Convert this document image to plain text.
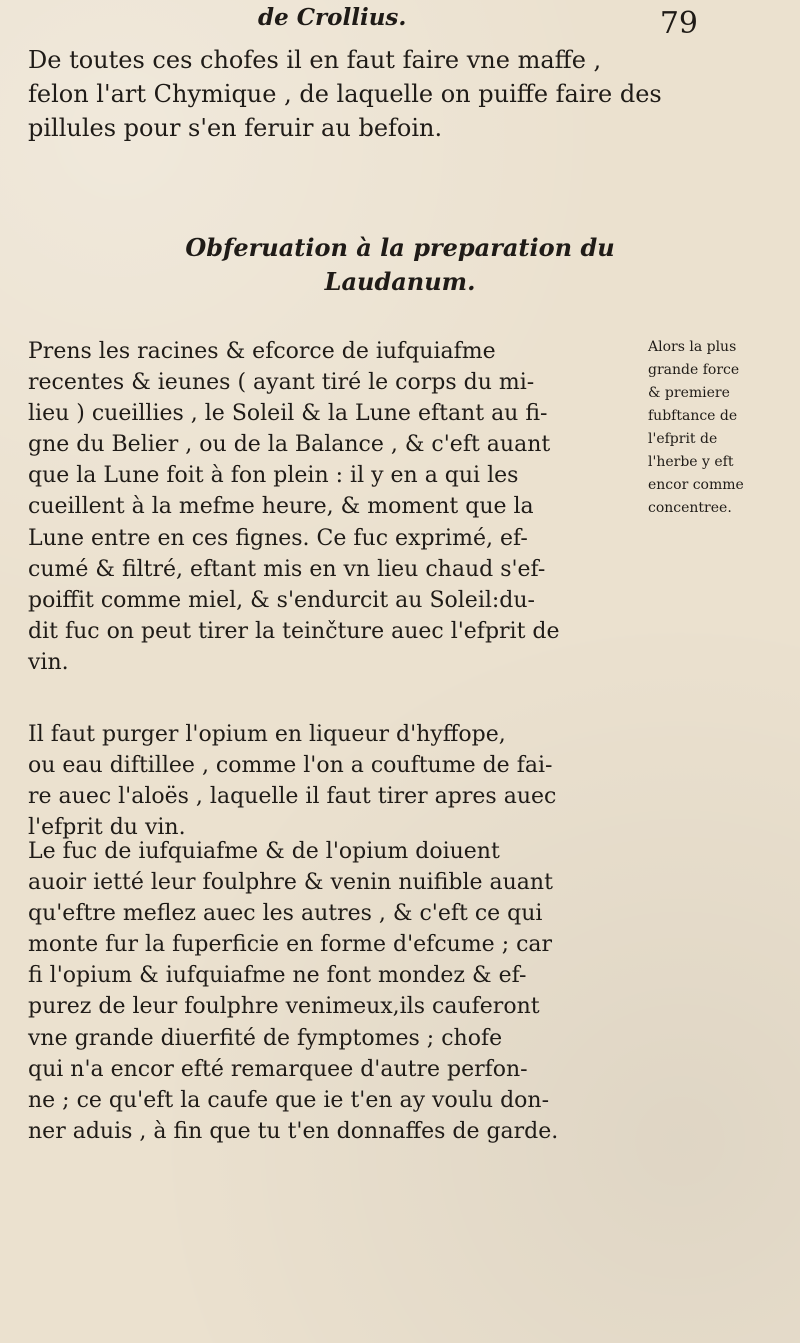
de Crollius.	79
De toutes ces chofes il en faut faire vne maffe , felon l'art Chymique , de laquelle on puiffe faire des pillules pour s'en feruir au befoin.
Obferuation à la preparation du
Laudanum.
Prens les racines & efcorce de iufquiafme
recentes & ieunes ( ayant tiré le corps du mi-
lieu ) cueillies , le Soleil & la Lune eftant au fi-
gne du Belier , ou de la Balance , & c'eft auant
que la Lune foit à fon plein : il y en a qui les
cueillent à la mefme heure, & moment que la
Lune entre en ces fignes. Ce fuc exprimé, ef-
cumé & filtré, eftant mis en vn lieu chaud s'ef-
poiffit comme miel, & s'endurcit au Soleil:du-
dit fuc on peut tirer la teinčture auec l'efprit de
vin.
Il faut purger l'opium en liqueur d'hyffope,
ou eau diftillee , comme l'on a couftume de fai-
re auec l'aloës , laquelle il faut tirer apres auec
l'efprit du vin.
Le fuc de iufquiafme & de l'opium doiuent
auoir ietté leur foulphre & venin nuifible auant
qu'eftre meflez auec les autres , & c'eft ce qui
monte fur la fuperficie en forme d'efcume ; car
fi l'opium & iufquiafme ne font mondez & ef-
purez de leur foulphre venimeux,ils cauferont
vne grande diuerfité de fymptomes ; chofe
qui n'a encor efté remarquee d'autre perfon-
ne ; ce qu'eft la caufe que ie t'en ay voulu don-
ner aduis , à fin que tu t'en donnaffes de garde.
Alors la plus
grande force
& premiere
fubftance de
l'efprit de
l'herbe y eft
encor comme
concentree.
